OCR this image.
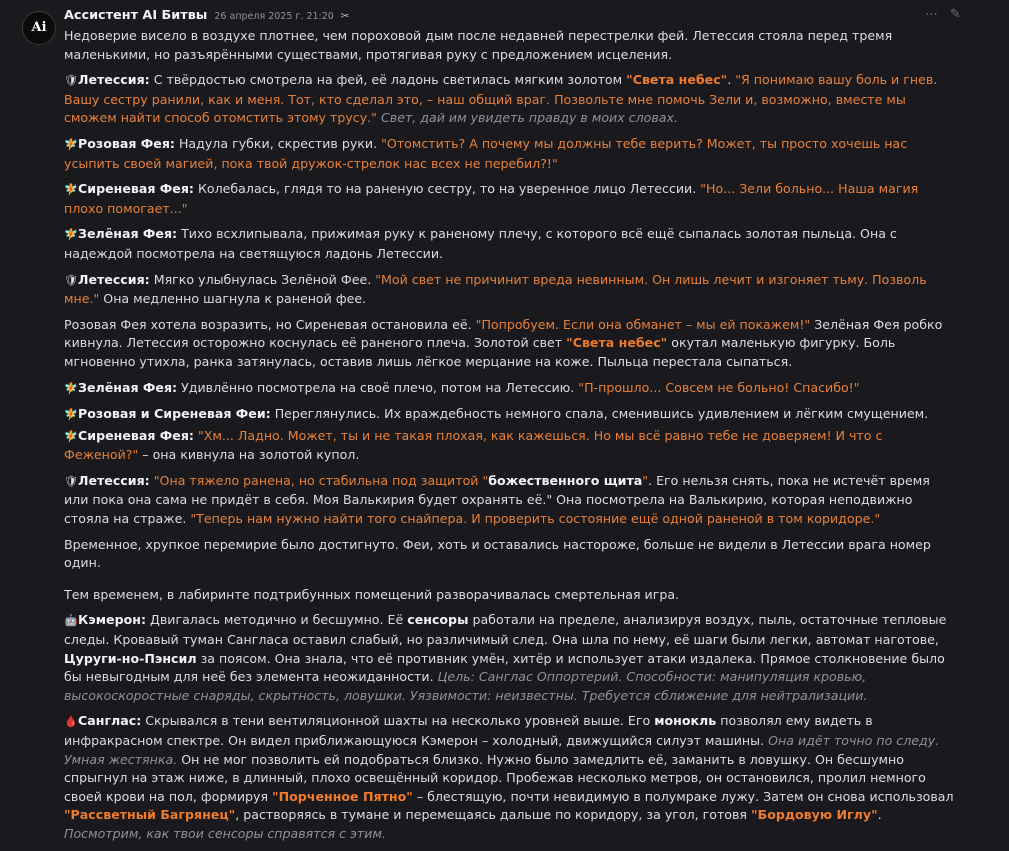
Ai
Ассистент AI Битвы 26 апреля 2025 г. 21:20 ✂	⋯ ✎
Недоверие висело в воздухе плотнее, чем пороховой дым после недавней перестрелки фей. Летессия стояла перед тремя маленькими, но разъярёнными существами, протягивая руку с предложением исцеления.
🛡Летессия: С твёрдостью смотрела на фей, её ладонь светилась мягким золотом "Света небес". "Я понимаю вашу боль и гнев. Вашу сестру ранили, как и меня. Тот, кто сделал это, – наш общий враг. Позвольте мне помочь Зели и, возможно, вместе мы сможем найти способ отомстить этому трусу." Свет, дай им увидеть правду в моих словах.
🧚Розовая Фея: Надула губки, скрестив руки. "Отомстить? А почему мы должны тебе верить? Может, ты просто хочешь нас усыпить своей магией, пока твой дружок-стрелок нас всех не перебил?!"
🧚Сиреневая Фея: Колебалась, глядя то на раненую сестру, то на уверенное лицо Летессии. "Но... Зели больно... Наша магия плохо помогает..."
🧚Зелёная Фея: Тихо всхлипывала, прижимая руку к раненому плечу, с которого всё ещё сыпалась золотая пыльца. Она с надеждой посмотрела на светящуюся ладонь Летессии.
🛡Летессия: Мягко улыбнулась Зелёной Фее. "Мой свет не причинит вреда невинным. Он лишь лечит и изгоняет тьму. Позволь мне." Она медленно шагнула к раненой фее.
Розовая Фея хотела возразить, но Сиреневая остановила её. "Попробуем. Если она обманет – мы ей покажем!" Зелёная Фея робко кивнула. Летессия осторожно коснулась её раненого плеча. Золотой свет "Света небес" окутал маленькую фигурку. Боль мгновенно утихла, ранка затянулась, оставив лишь лёгкое мерцание на коже. Пыльца перестала сыпаться.
🧚Зелёная Фея: Удивлённо посмотрела на своё плечо, потом на Летессию. "П-прошло... Совсем не больно! Спасибо!"
🧚Розовая и Сиреневая Феи: Переглянулись. Их враждебность немного спала, сменившись удивлением и лёгким смущением.
🧚Сиреневая Фея: "Хм... Ладно. Может, ты и не такая плохая, как кажешься. Но мы всё равно тебе не доверяем! И что с Феженой?" – она кивнула на золотой купол.
🛡Летессия: "Она тяжело ранена, но стабильна под защитой "божественного щита". Его нельзя снять, пока не истечёт время или пока она сама не придёт в себя. Моя Валькирия будет охранять её." Она посмотрела на Валькирию, которая неподвижно стояла на страже. "Теперь нам нужно найти того снайпера. И проверить состояние ещё одной раненой в том коридоре."
Временное, хрупкое перемирие было достигнуто. Феи, хоть и оставались настороже, больше не видели в Летессии врага номер один.
Тем временем, в лабиринте подтрибунных помещений разворачивалась смертельная игра.
🤖Кэмерон: Двигалась методично и бесшумно. Её сенсоры работали на пределе, анализируя воздух, пыль, остаточные тепловые следы. Кровавый туман Сангласа оставил слабый, но различимый след. Она шла по нему, её шаги были легки, автомат наготове, Цуруги-но-Пэнсил за поясом. Она знала, что её противник умён, хитёр и использует атаки издалека. Прямое столкновение было бы невыгодным для неё без элемента неожиданности. Цель: Санглас Оппортерий. Способности: манипуляция кровью, высокоскоростные снаряды, скрытность, ловушки. Уязвимости: неизвестны. Требуется сближение для нейтрализации.
🩸Санглас: Скрывался в тени вентиляционной шахты на несколько уровней выше. Его монокль позволял ему видеть в инфракрасном спектре. Он видел приближающуюся Кэмерон – холодный, движущийся силуэт машины. Она идёт точно по следу. Умная жестянка. Он не мог позволить ей подобраться близко. Нужно было замедлить её, заманить в ловушку. Он бесшумно спрыгнул на этаж ниже, в длинный, плохо освещённый коридор. Пробежав несколько метров, он остановился, пролил немного своей крови на пол, формируя "Порченное Пятно" – блестящую, почти невидимую в полумраке лужу. Затем он снова использовал "Рассветный Багрянец", растворяясь в тумане и перемещаясь дальше по коридору, за угол, готовя "Бордовую Иглу". Посмотрим, как твои сенсоры справятся с этим.
